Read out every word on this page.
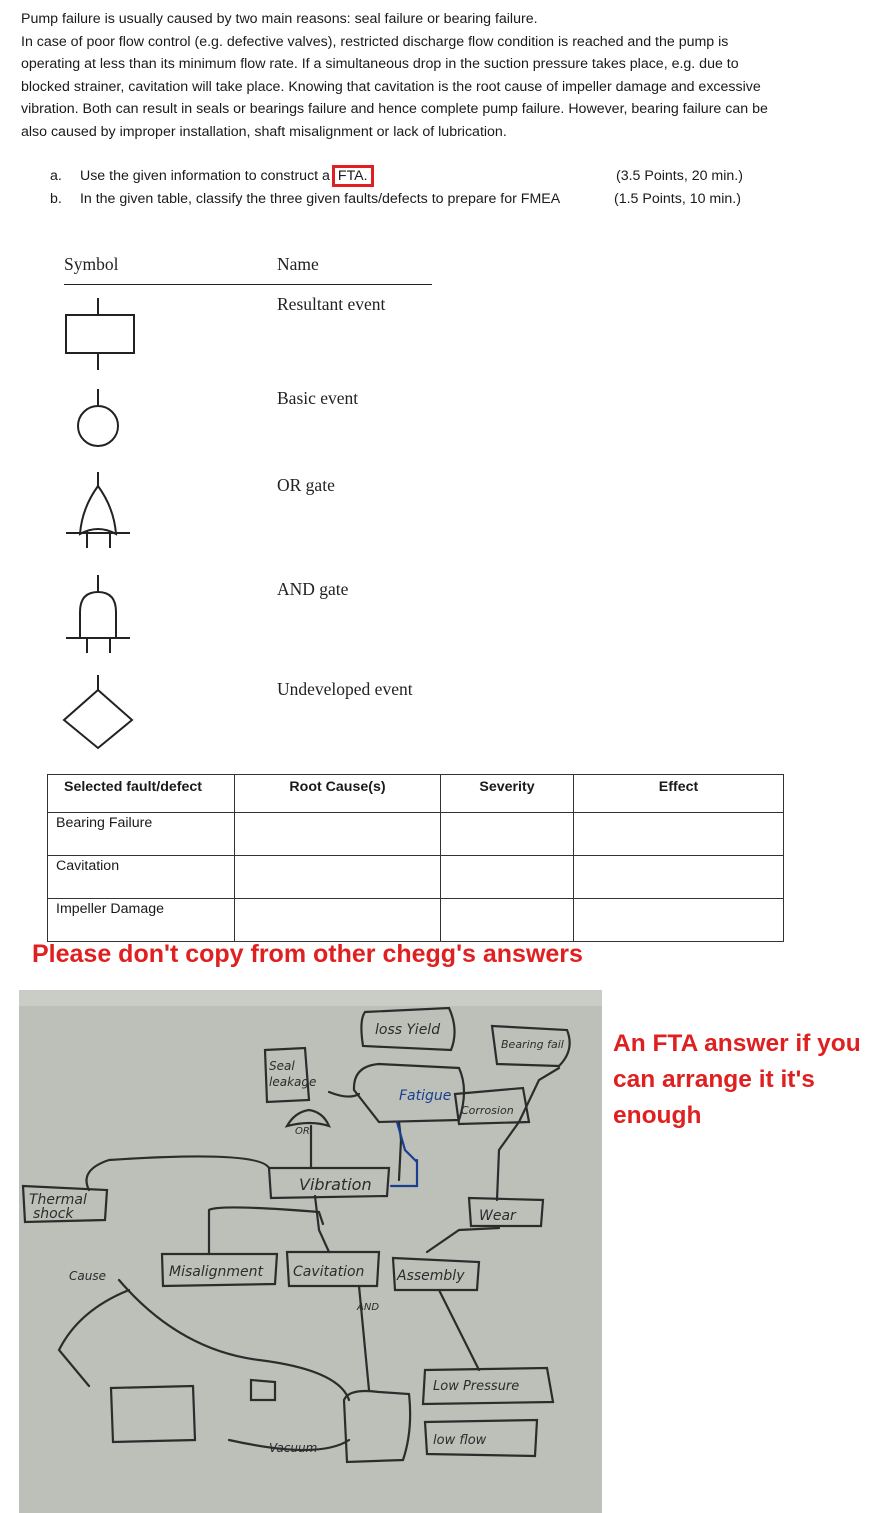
Pump failure is usually caused by two main reasons: seal failure or bearing failure.

In case of poor flow control (e.g. defective valves), restricted discharge flow condition is reached and the pump is operating at less than its minimum flow rate. If a simultaneous drop in the suction pressure takes place, e.g. due to blocked strainer, cavitation will take place. Knowing that cavitation is the root cause of impeller damage and excessive vibration. Both can result in seals or bearings failure and hence complete pump failure. However, bearing failure can be also caused by improper installation, shaft misalignment or lack of lubrication.

a. Use the given information to construct a FTA.	(3.5 Points, 20 min.)
b. In the given table, classify the three given faults/defects to prepare for FMEA	(1.5 Points, 10 min.)
Symbol	Name
Resultant event
Basic event
OR gate
AND gate
Undeveloped event
Selected fault/defect	Root Cause(s)	Severity	Effect
Bearing Failure			
Cavitation			
Impeller Damage			
Please don't copy from other chegg's answers
loss Yield
Bearing fail
Seal
leakage
Fatigue
Corrosion
OR
Vibration
Thermal
shock	Wear
Cause	Misalignment Cavitation Assembly
AND
Low Pressure
low flow
Vacuum
An FTA answer if you can arrange it it's enough
